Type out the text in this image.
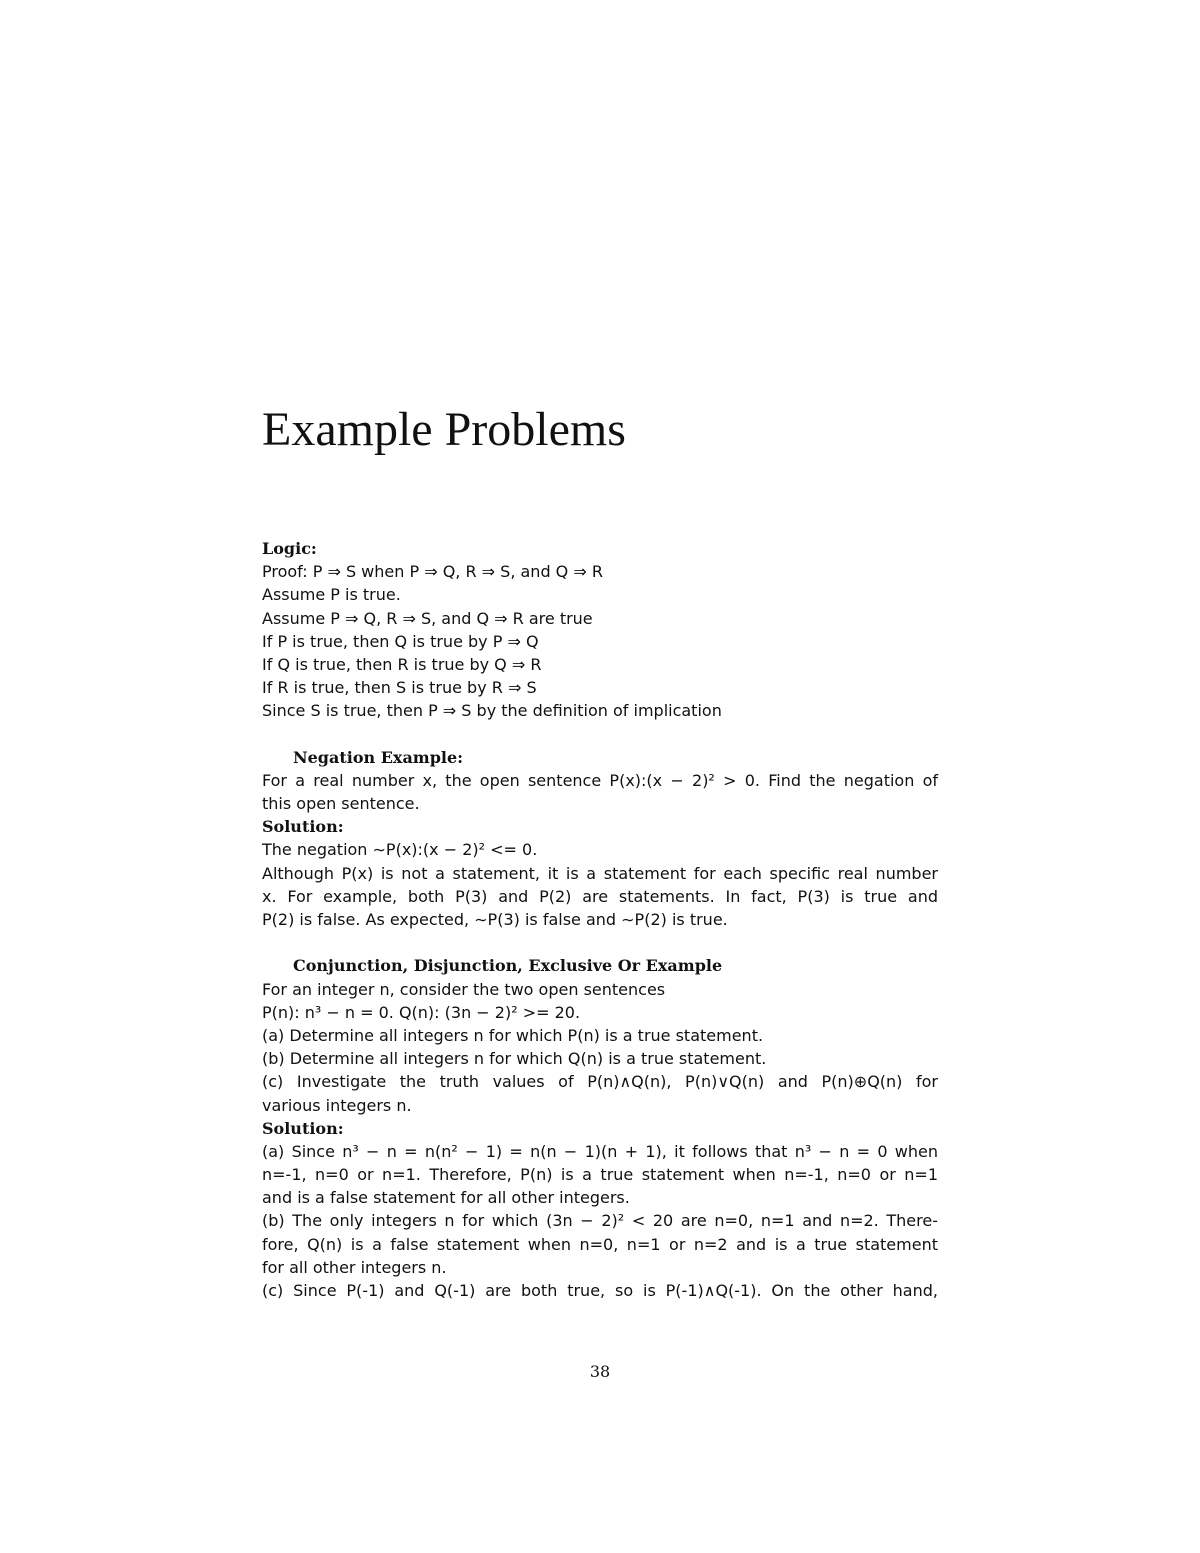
Example Problems
Logic:
Proof: P ⇒ S when P ⇒ Q, R ⇒ S, and Q ⇒ R
Assume P is true.
Assume P ⇒ Q, R ⇒ S, and Q ⇒ R are true
If P is true, then Q is true by P ⇒ Q
If Q is true, then R is true by Q ⇒ R
If R is true, then S is true by R ⇒ S
Since S is true, then P ⇒ S by the definition of implication
Negation Example:
For a real number x, the open sentence P(x):(x − 2)² > 0. Find the negation of
this open sentence.
Solution:
The negation ∼P(x):(x − 2)² <= 0.
Although P(x) is not a statement, it is a statement for each specific real number
x. For example, both P(3) and P(2) are statements. In fact, P(3) is true and
P(2) is false. As expected, ∼P(3) is false and ∼P(2) is true.
Conjunction, Disjunction, Exclusive Or Example
For an integer n, consider the two open sentences
P(n): n³ − n = 0. Q(n): (3n − 2)² >= 20.
(a) Determine all integers n for which P(n) is a true statement.
(b) Determine all integers n for which Q(n) is a true statement.
(c) Investigate the truth values of P(n)∧Q(n), P(n)∨Q(n) and P(n)⊕Q(n) for
various integers n.
Solution:
(a) Since n³ − n = n(n² − 1) = n(n − 1)(n + 1), it follows that n³ − n = 0 when
n=-1, n=0 or n=1. Therefore, P(n) is a true statement when n=-1, n=0 or n=1
and is a false statement for all other integers.
(b) The only integers n for which (3n − 2)² < 20 are n=0, n=1 and n=2. There-
fore, Q(n) is a false statement when n=0, n=1 or n=2 and is a true statement
for all other integers n.
(c) Since P(-1) and Q(-1) are both true, so is P(-1)∧Q(-1). On the other hand,
38
